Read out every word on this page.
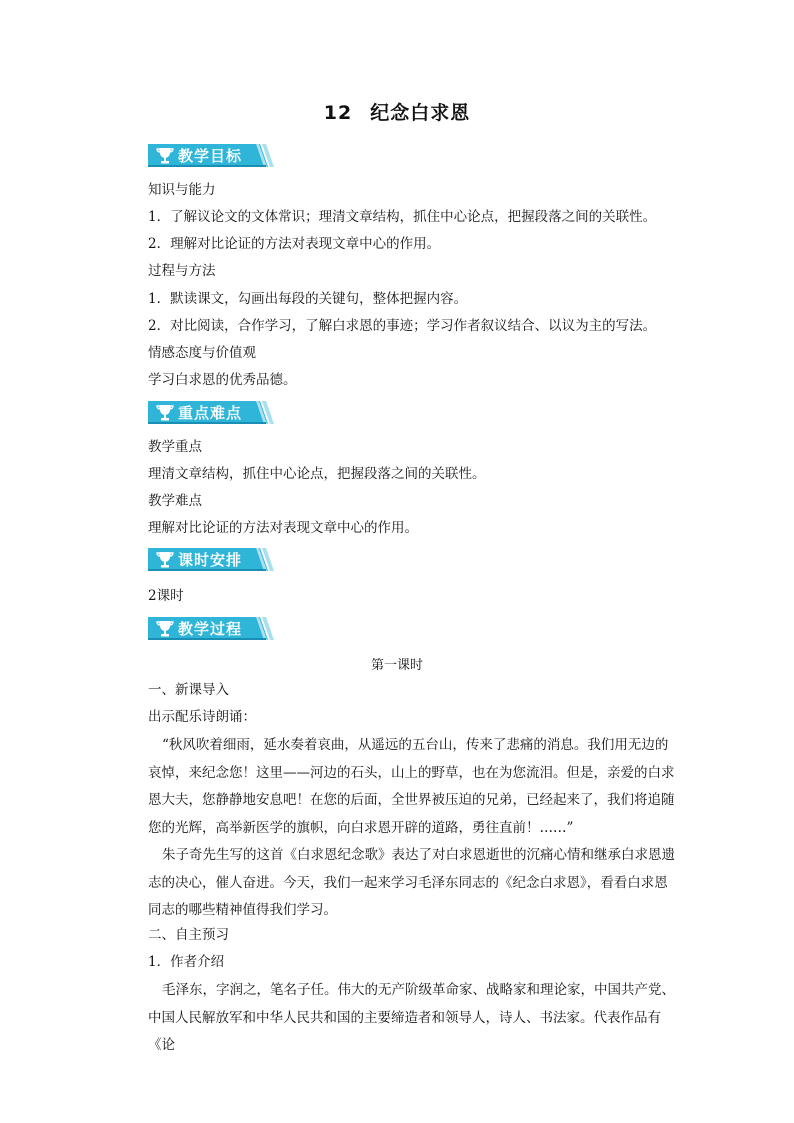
12 纪念白求恩
教学目标
知识与能力
1．了解议论文的文体常识；理清文章结构，抓住中心论点，把握段落之间的关联性。
2．理解对比论证的方法对表现文章中心的作用。
过程与方法
1．默读课文，勾画出每段的关键句，整体把握内容。
2．对比阅读，合作学习，了解白求恩的事迹；学习作者叙议结合、以议为主的写法。
情感态度与价值观
学习白求恩的优秀品德。
重点难点
教学重点
理清文章结构，抓住中心论点，把握段落之间的关联性。
教学难点
理解对比论证的方法对表现文章中心的作用。
课时安排
2课时
教学过程
第一课时
一、新课导入
出示配乐诗朗诵：
“秋风吹着细雨，延水奏着哀曲，从遥远的五台山，传来了悲痛的消息。我们用无边的哀悼，来纪念您！这里——河边的石头，山上的野草，也在为您流泪。但是，亲爱的白求恩大夫，您静静地安息吧！在您的后面，全世界被压迫的兄弟，已经起来了，我们将追随您的光辉，高举新医学的旗帜，向白求恩开辟的道路，勇往直前！……”
朱子奇先生写的这首《白求恩纪念歌》表达了对白求恩逝世的沉痛心情和继承白求恩遗志的决心，催人奋进。今天，我们一起来学习毛泽东同志的《纪念白求恩》，看看白求恩同志的哪些精神值得我们学习。
二、自主预习
1．作者介绍
毛泽东，字润之，笔名子任。伟大的无产阶级革命家、战略家和理论家，中国共产党、中国人民解放军和中华人民共和国的主要缔造者和领导人，诗人、书法家。代表作品有《论
